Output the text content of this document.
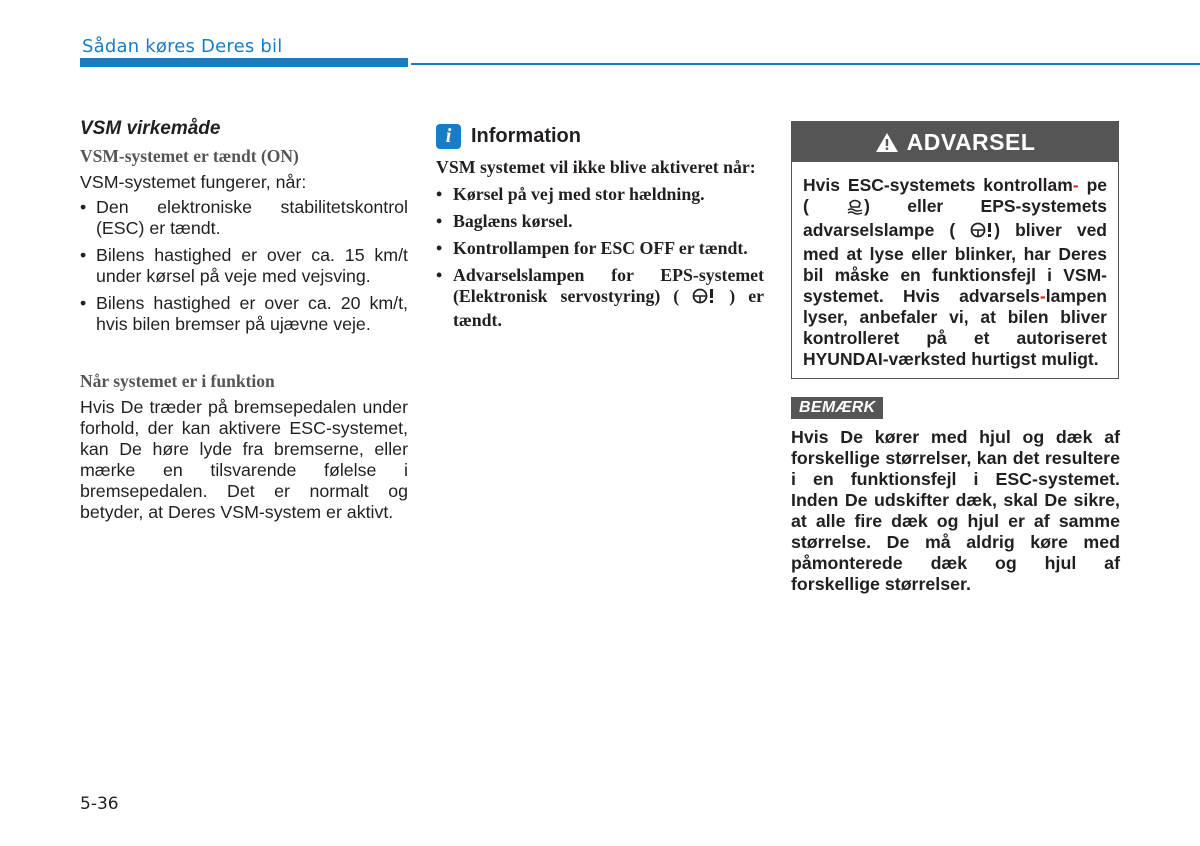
Sådan køres Deres bil

VSM virkemåde

VSM-systemet er tændt (ON)

VSM-systemet fungerer, når:

• Den elektroniske stabilitetskontrol (ESC) er tændt.
• Bilens hastighed er over ca. 15 km/t under kørsel på veje med vejsving.
• Bilens hastighed er over ca. 20 km/t, hvis bilen bremser på ujævne veje.

Når systemet er i funktion

Hvis De træder på bremsepedalen under forhold, der kan aktivere ESC-systemet, kan De høre lyde fra bremserne, eller mærke en tilsvarende følelse i bremsepedalen. Det er normalt og betyder, at Deres VSM-system er aktivt.

i Information

VSM systemet vil ikke blive aktiveret når:

• Kørsel på vej med stor hældning.
• Baglæns kørsel.
• Kontrollampen for ESC OFF er tændt.
• Advarselslampen for EPS-systemet (Elektronisk servostyring) (	) er tændt.
ADVARSEL
Hvis ESC-systemets kontrollam- pe (	) eller EPS-systemets advarselslampe ( ) bliver ved med at lyse eller blinker, har Deres bil måske en funktionsfejl i VSM-systemet. Hvis advarsels-lampen lyser, anbefaler vi, at bilen bliver kontrolleret på et autoriseret HYUNDAI-værksted hurtigst muligt.
BEMÆRK
Hvis De kører med hjul og dæk af forskellige størrelser, kan det resultere i en funktionsfejl i ESC-systemet. Inden De udskifter dæk, skal De sikre, at alle fire dæk og hjul er af samme størrelse. De må aldrig køre med påmonterede dæk og hjul af forskellige størrelser.
5-36
